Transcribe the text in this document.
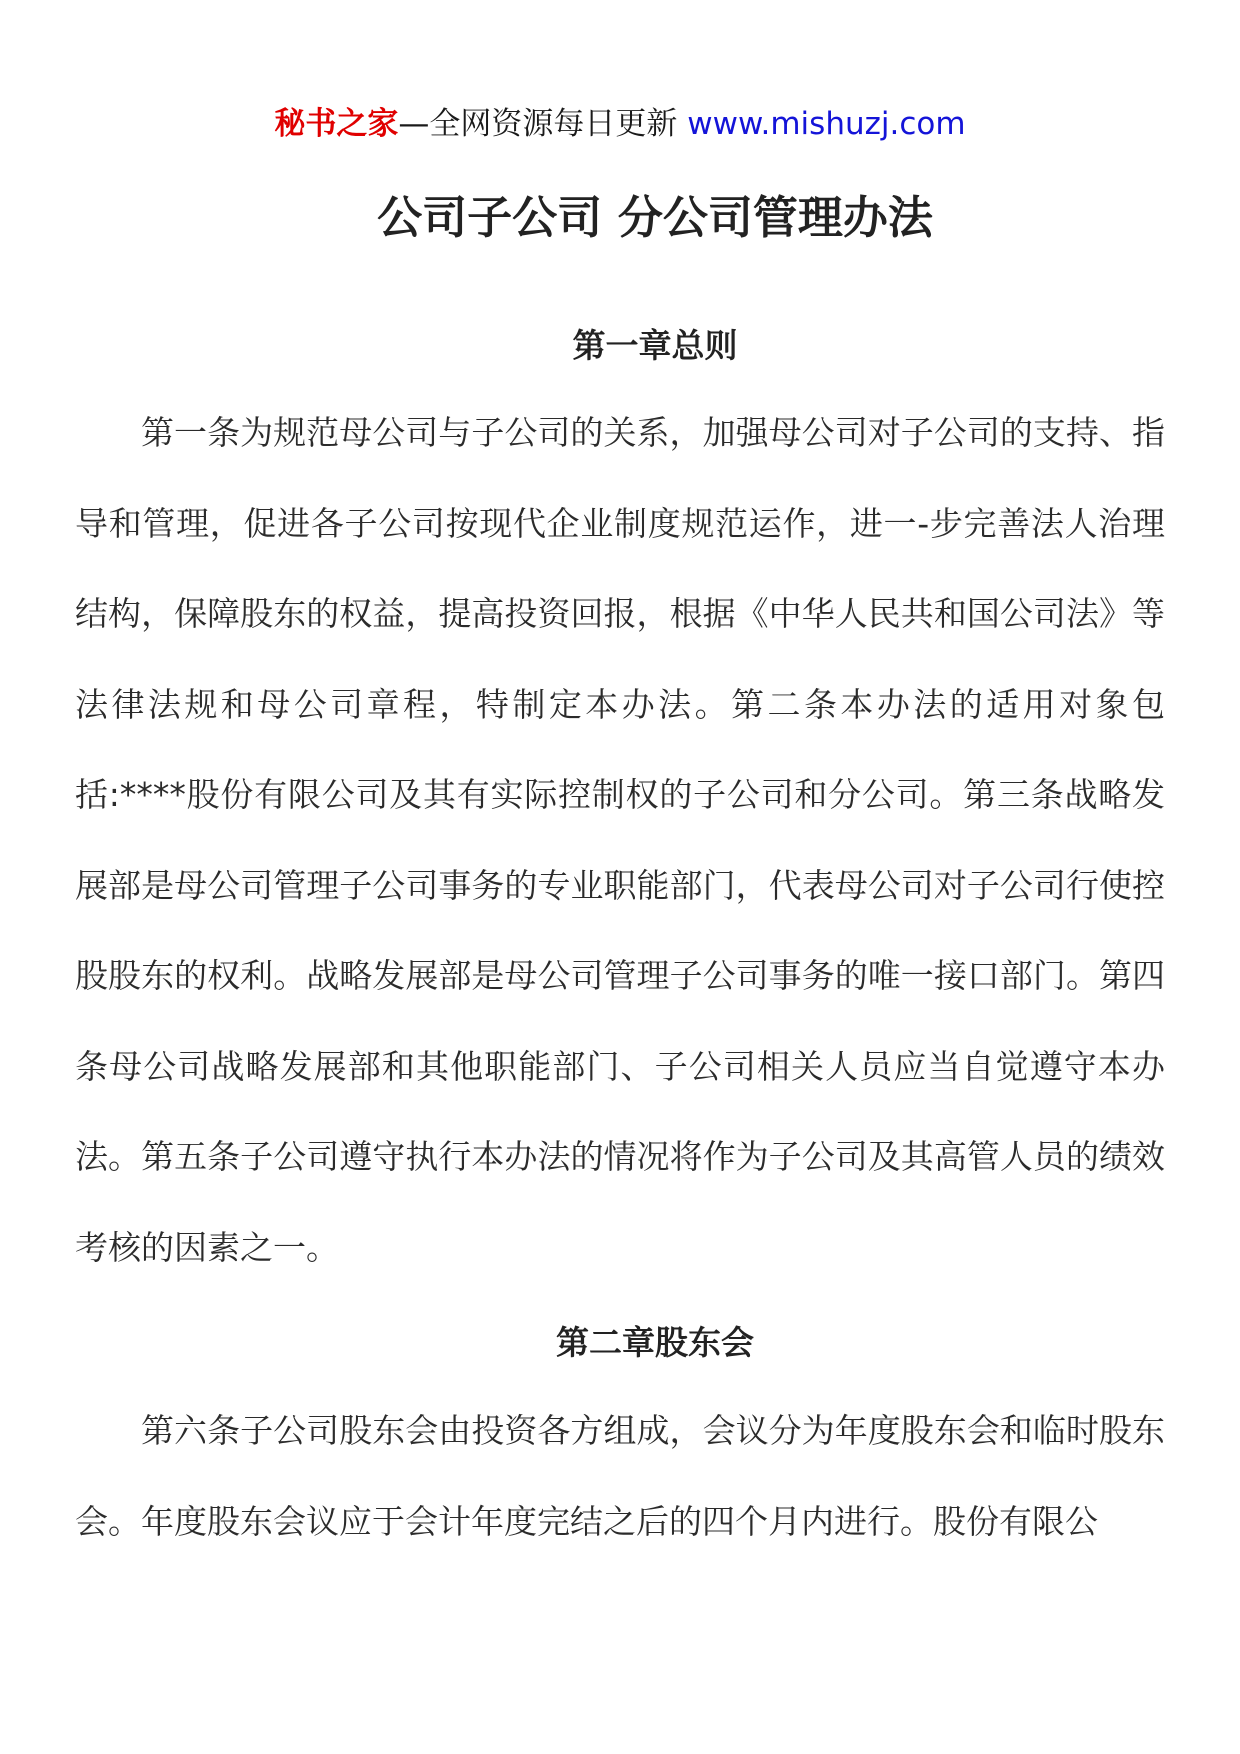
秘书之家—全网资源每日更新 www.mishuzj.com
公司子公司 分公司管理办法
第一章总则

第一条为规范母公司与子公司的关系，加强母公司对子公司的支持、指导和管理，促进各子公司按现代企业制度规范运作，进一-步完善法人治理结构，保障股东的权益，提高投资回报，根据《中华人民共和国公司法》等法律法规和母公司章程，特制定本办法。第二条本办法的适用对象包括:****股份有限公司及其有实际控制权的子公司和分公司。第三条战略发展部是母公司管理子公司事务的专业职能部门，代表母公司对子公司行使控股股东的权利。战略发展部是母公司管理子公司事务的唯一接口部门。第四条母公司战略发展部和其他职能部门、子公司相关人员应当自觉遵守本办法。第五条子公司遵守执行本办法的情况将作为子公司及其高管人员的绩效考核的因素之一。

第二章股东会

第六条子公司股东会由投资各方组成，会议分为年度股东会和临时股东会。年度股东会议应于会计年度完结之后的四个月内进行。股份有限公
